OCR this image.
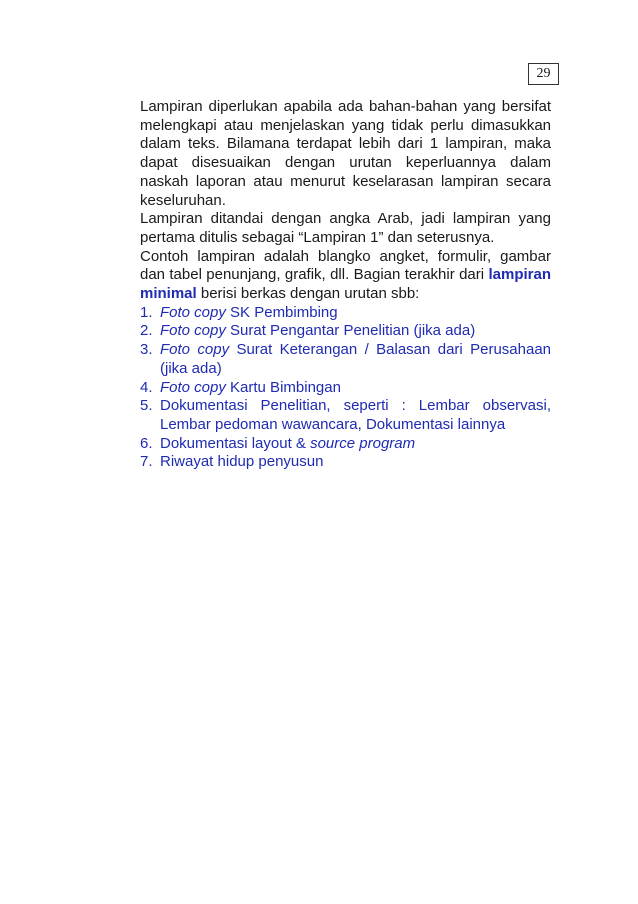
29

Lampiran diperlukan apabila ada bahan-bahan yang bersifat melengkapi atau menjelaskan yang tidak perlu dimasukkan dalam teks. Bilamana terdapat lebih dari 1 lampiran, maka dapat disesuaikan dengan urutan keperluannya dalam naskah laporan atau menurut keselarasan lampiran secara keseluruhan.

Lampiran ditandai dengan angka Arab, jadi lampiran yang pertama ditulis sebagai “Lampiran 1” dan seterusnya.

Contoh lampiran adalah blangko angket, formulir, gambar dan tabel penunjang, grafik, dll. Bagian terakhir dari lampiran minimal berisi berkas dengan urutan sbb:

1. Foto copy SK Pembimbing
2. Foto copy Surat Pengantar Penelitian (jika ada)
3. Foto copy Surat Keterangan / Balasan dari Perusahaan (jika ada)
4. Foto copy Kartu Bimbingan
5. Dokumentasi Penelitian, seperti : Lembar observasi, Lembar pedoman wawancara, Dokumentasi lainnya
6. Dokumentasi layout & source program
7. Riwayat hidup penyusun
